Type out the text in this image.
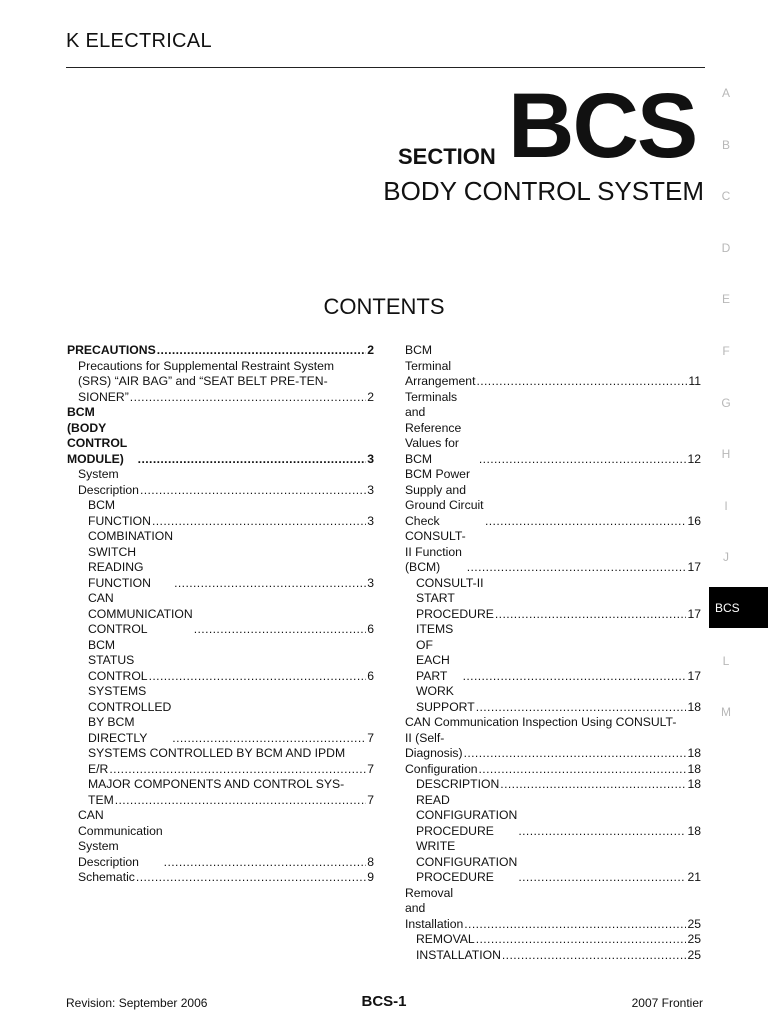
K ELECTRICAL
SECTION BCS
BODY CONTROL SYSTEM
CONTENTS
PRECAUTIONS .....	2
Precautions for Supplemental Restraint System
(SRS) “AIR BAG” and “SEAT BELT PRE-TEN-
SIONER” .....	2
BCM (BODY CONTROL MODULE) .....	3
System Description .....	3
BCM FUNCTION .....	3
COMBINATION SWITCH READING FUNCTION .....	3
CAN COMMUNICATION CONTROL .....	6
BCM STATUS CONTROL .....	6
SYSTEMS CONTROLLED BY BCM DIRECTLY .....	7
SYSTEMS CONTROLLED BY BCM AND IPDM
E/R .....	7
MAJOR COMPONENTS AND CONTROL SYS-
TEM .....	7
CAN Communication System Description .....	8
Schematic .....	9
BCM Terminal Arrangement .....	11
Terminals and Reference Values for BCM .....	12
BCM Power Supply and Ground Circuit Check .....	16
CONSULT-II Function (BCM) .....	17
CONSULT-II START PROCEDURE .....	17
ITEMS OF EACH PART .....	17
WORK SUPPORT .....	18
CAN Communication Inspection Using CONSULT-
II (Self-Diagnosis) .....	18
Configuration .....	18
DESCRIPTION .....	18
READ CONFIGURATION PROCEDURE .....	18
WRITE CONFIGURATION PROCEDURE .....	21
Removal and Installation .....	25
REMOVAL .....	25
INSTALLATION .....	25
A
B
C
D
E
F
G
H
I
J
L
M
Revision: September 2006	BCS-1	2007 Frontier
BCS
